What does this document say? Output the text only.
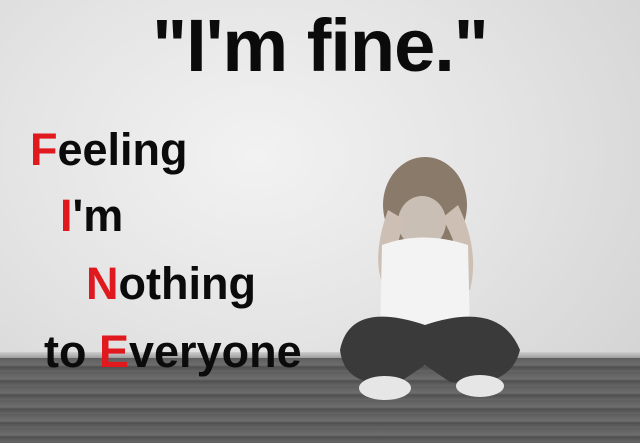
"I'm fine."
Feeling
I'm
Nothing
to Everyone
